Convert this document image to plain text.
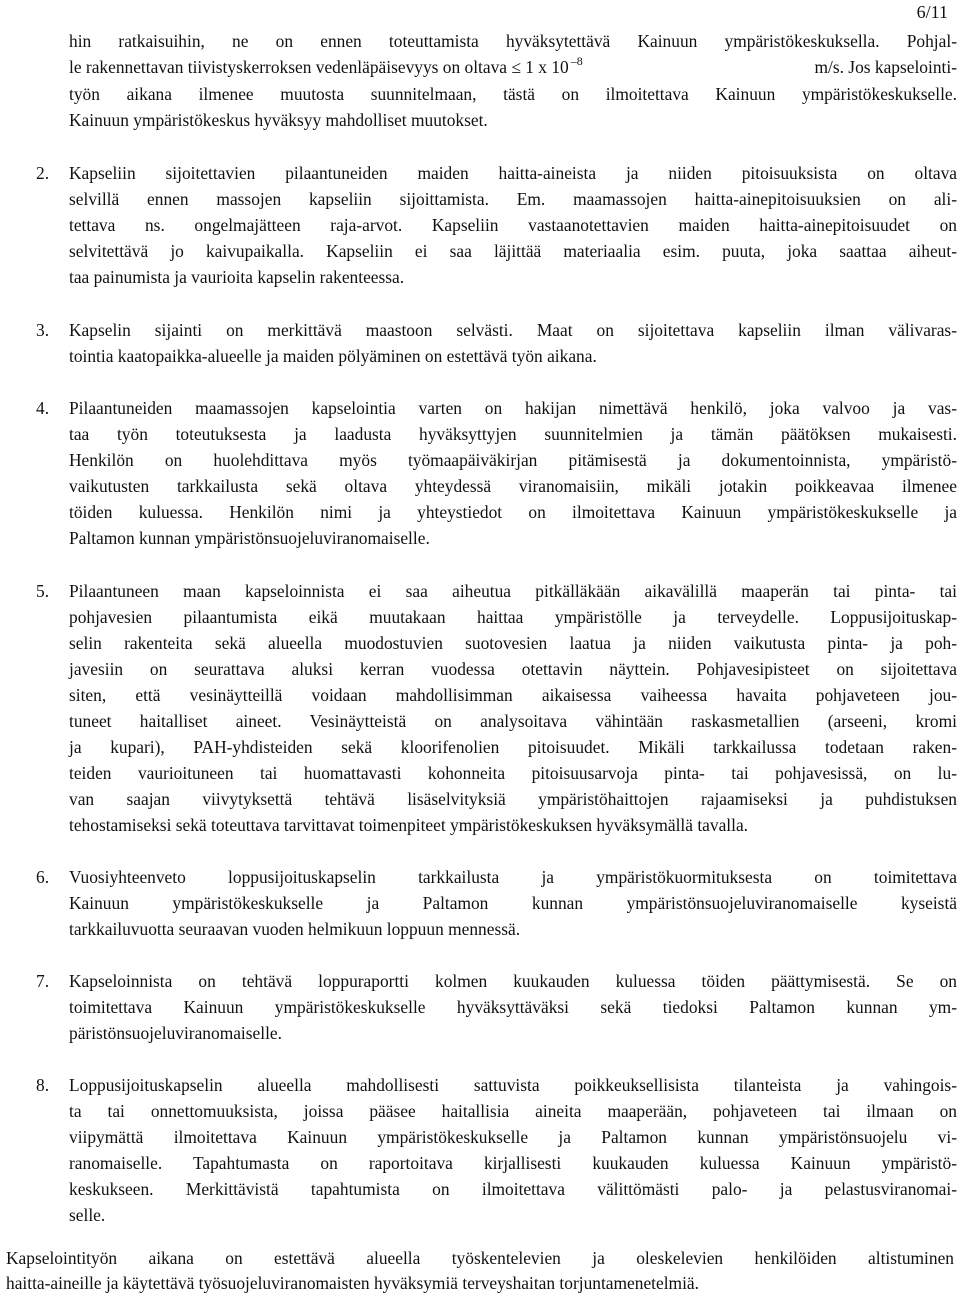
6/11
hin ratkaisuihin, ne on ennen toteuttamista hyväksytettävä Kainuun ympäristökeskuksella. Pohjal-
le rakennettavan tiivistyskerroksen vedenläpäisevyys on oltava ≤ 1 x 10 $^{-8}$	m/s. Jos kapselointi-
työn aikana ilmenee muutosta suunnitelmaan, tästä on ilmoitettava Kainuun ympäristökeskukselle.
Kainuun ympäristökeskus hyväksyy mahdolliset muutokset.
2. Kapseliin sijoitettavien pilaantuneiden maiden haitta-aineista ja niiden pitoisuuksista on oltava
selvillä ennen massojen kapseliin sijoittamista. Em. maamassojen haitta-ainepitoisuuksien on ali-
tettava ns. ongelmajätteen raja-arvot. Kapseliin vastaanotettavien maiden haitta-ainepitoisuudet on
selvitettävä jo kaivupaikalla. Kapseliin ei saa läjittää materiaalia esim. puuta, joka saattaa aiheut-
taa painumista ja vaurioita kapselin rakenteessa.
3. Kapselin sijainti on merkittävä maastoon selvästi. Maat on sijoitettava kapseliin ilman välivaras-
tointia kaatopaikka-alueelle ja maiden pölyäminen on estettävä työn aikana.
4. Pilaantuneiden maamassojen kapselointia varten on hakijan nimettävä henkilö, joka valvoo ja vas-
taa työn toteutuksesta ja laadusta hyväksyttyjen suunnitelmien ja tämän päätöksen mukaisesti.
Henkilön on huolehdittava myös työmaapäiväkirjan pitämisestä ja dokumentoinnista, ympäristö-
vaikutusten tarkkailusta sekä oltava yhteydessä viranomaisiin, mikäli jotakin poikkeavaa ilmenee
töiden kuluessa. Henkilön nimi ja yhteystiedot on ilmoitettava Kainuun ympäristökeskukselle ja
Paltamon kunnan ympäristönsuojeluviranomaiselle.
5. Pilaantuneen maan kapseloinnista ei saa aiheutua pitkälläkään aikavälillä maaperän tai pinta- tai
pohjavesien pilaantumista eikä muutakaan haittaa ympäristölle ja terveydelle. Loppusijoituskap-
selin rakenteita sekä alueella muodostuvien suotovesien laatua ja niiden vaikutusta pinta- ja poh-
javesiin on seurattava aluksi kerran vuodessa otettavin näyttein. Pohjavesipisteet on sijoitettava
siten, että vesinäytteillä voidaan mahdollisimman aikaisessa vaiheessa havaita pohjaveteen jou-
tuneet haitalliset aineet. Vesinäytteistä on analysoitava vähintään raskasmetallien (arseeni, kromi
ja kupari), PAH-yhdisteiden sekä kloorifenolien pitoisuudet. Mikäli tarkkailussa todetaan raken-
teiden vaurioituneen tai huomattavasti kohonneita pitoisuusarvoja pinta- tai pohjavesissä, on lu-
van saajan viivytyksettä tehtävä lisäselvityksiä ympäristöhaittojen rajaamiseksi ja puhdistuksen
tehostamiseksi sekä toteuttava tarvittavat toimenpiteet ympäristökeskuksen hyväksymällä tavalla.
6. Vuosiyhteenveto loppusijoituskapselin tarkkailusta ja ympäristökuormituksesta on toimitettava
Kainuun ympäristökeskukselle ja Paltamon kunnan ympäristönsuojeluviranomaiselle kyseistä
tarkkailuvuotta seuraavan vuoden helmikuun loppuun mennessä.
7. Kapseloinnista on tehtävä loppuraportti kolmen kuukauden kuluessa töiden päättymisestä. Se on
toimitettava Kainuun ympäristökeskukselle hyväksyttäväksi sekä tiedoksi Paltamon kunnan ym-
päristönsuojeluviranomaiselle.
8. Loppusijoituskapselin alueella mahdollisesti sattuvista poikkeuksellisista tilanteista ja vahingois-
ta tai onnettomuuksista, joissa pääsee haitallisia aineita maaperään, pohjaveteen tai ilmaan on
viipymättä ilmoitettava Kainuun ympäristökeskukselle ja Paltamon kunnan ympäristönsuojelu vi-
ranomaiselle. Tapahtumasta on raportoitava kirjallisesti kuukauden kuluessa Kainuun ympäristö-
keskukseen. Merkittävistä tapahtumista on ilmoitettava välittömästi palo- ja pelastusviranomai-
selle.
Kapselointityön aikana on estettävä alueella työskentelevien ja oleskelevien henkilöiden altistuminen
haitta-aineille ja käytettävä työsuojeluviranomaisten hyväksymiä terveyshaitan torjuntamenetelmiä.
